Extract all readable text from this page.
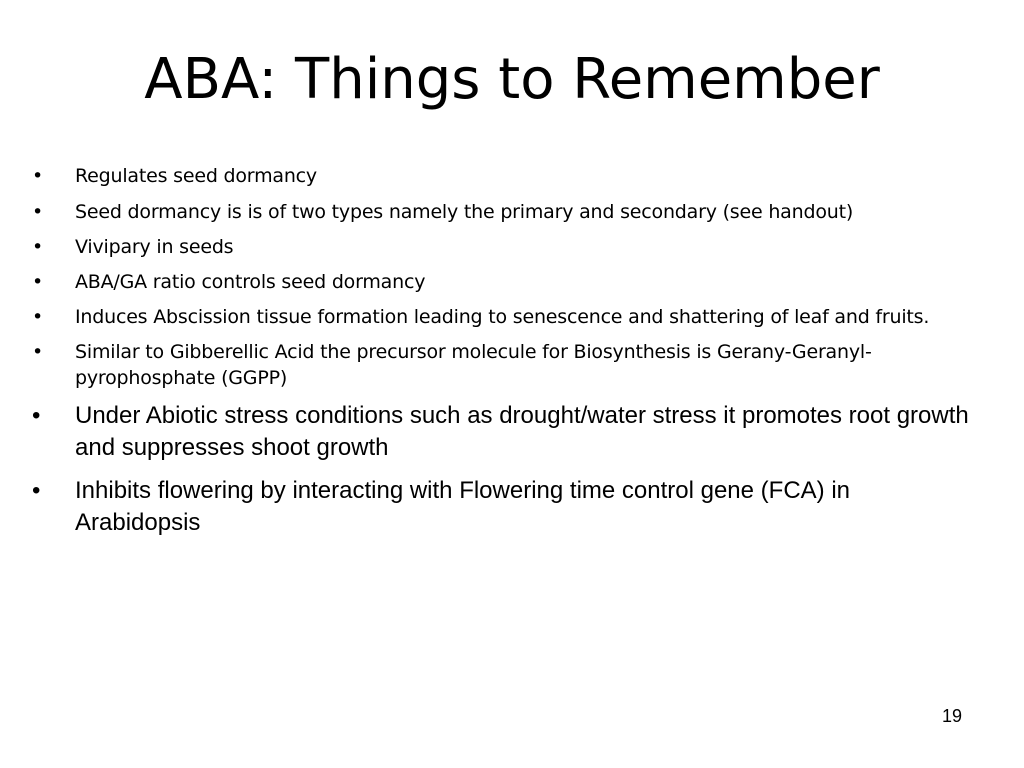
ABA: Things to Remember
• Regulates seed dormancy
• Seed dormancy is is of two types namely the primary and secondary (see handout)
• Vivipary in seeds
• ABA/GA ratio controls seed dormancy
• Induces Abscission tissue formation leading to senescence and shattering of leaf and fruits.
• Similar to Gibberellic Acid the precursor molecule for Biosynthesis is Gerany-Geranyl-pyrophosphate (GGPP)
• Under Abiotic stress conditions such as drought/water stress it promotes root growth and suppresses shoot growth
• Inhibits flowering by interacting with Flowering time control gene (FCA) in Arabidopsis
19
